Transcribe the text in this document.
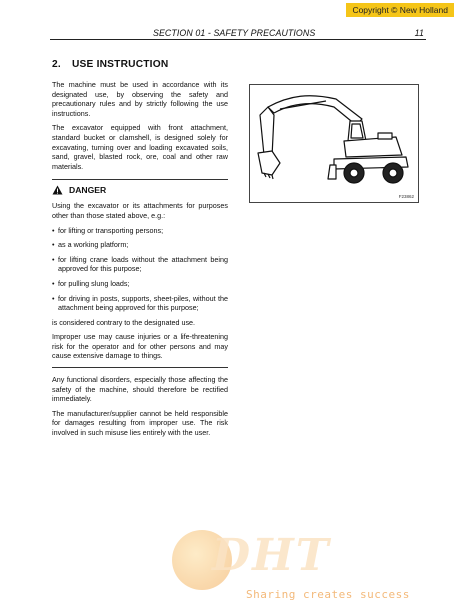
Copyright © New Holland
SECTION 01 - SAFETY PRECAUTIONS	11
2. USE INSTRUCTION

The machine must be used in accordance with its designated use, by observing the safety and precautionary rules and by strictly following the use instructions.

The excavator equipped with front attachment, standard bucket or clamshell, is designed solely for excavating, turning over and loading excavated soils, sand, gravel, blasted rock, ore, coal and other raw materials.

DANGER

Using the excavator or its attachments for purposes other than those stated above, e.g.:

• for lifting or transporting persons;
• as a working platform;
• for lifting crane loads without the attachment being approved for this purpose;
• for pulling slung loads;
• for driving in posts, supports, sheet-piles, without the attachment being approved for this purpose;

is considered contrary to the designated use.

Improper use may cause injuries or a life-threatening risk for the operator and for other persons and may cause extensive damage to things.

Any functional disorders, especially those affecting the safety of the machine, should therefore be rectified immediately.

The manufacturer/supplier cannot be held responsible for damages resulting from improper use. The risk involved in such misuse lies entirely with the user.

F23862
DHT
Sharing creates success
